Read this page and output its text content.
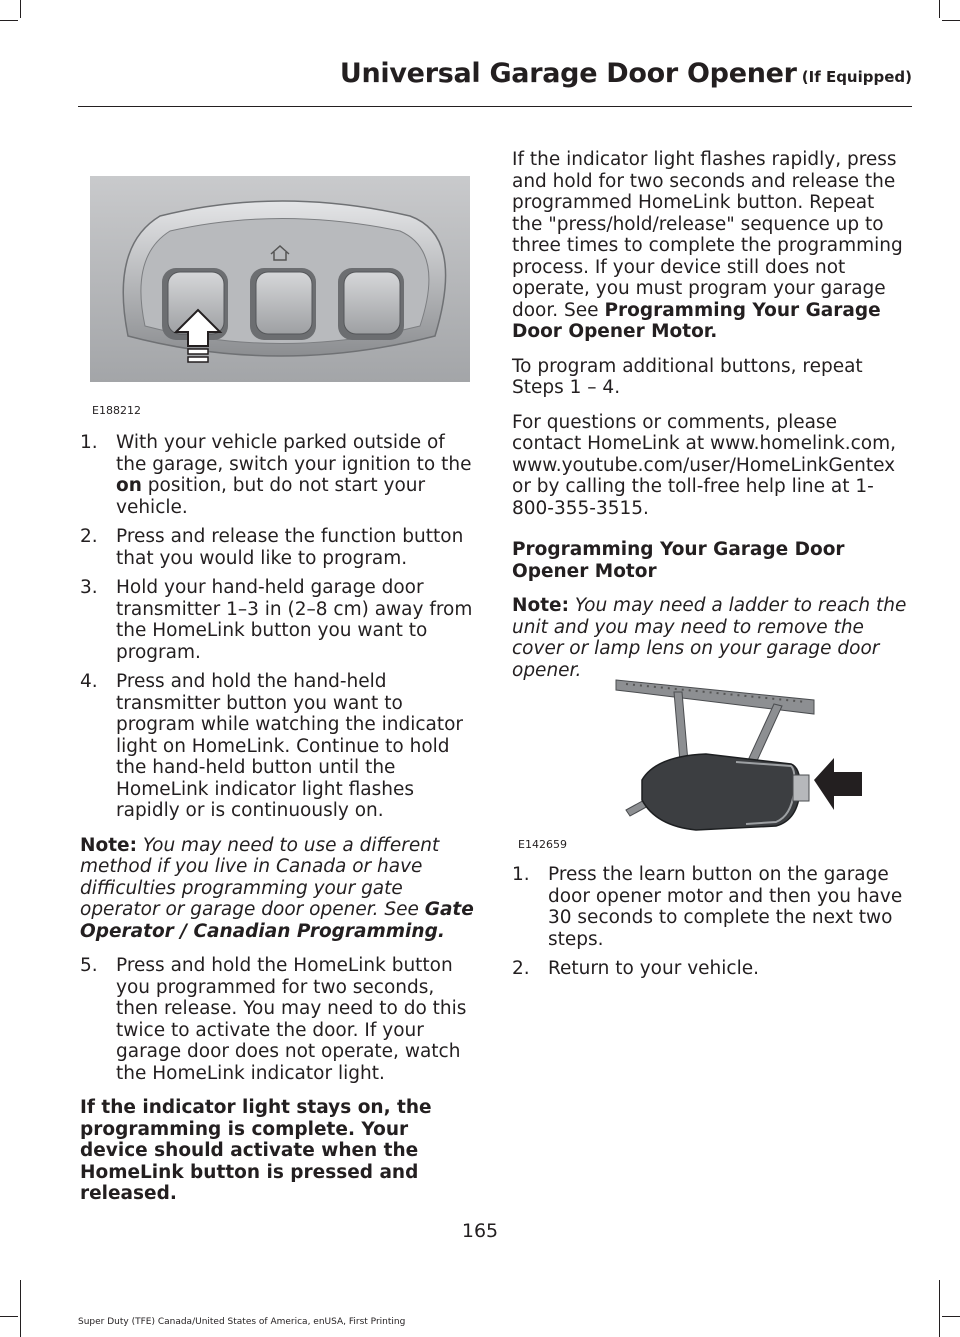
Universal Garage Door Opener (If Equipped)
E188212
1. With your vehicle parked outside of the garage, switch your ignition to the on position, but do not start your vehicle.
2. Press and release the function button that you would like to program.
3. Hold your hand-held garage door transmitter 1–3 in (2–8 cm) away from the HomeLink button you want to program.
4. Press and hold the hand-held transmitter button you want to program while watching the indicator light on HomeLink. Continue to hold the hand-held button until the HomeLink indicator light flashes rapidly or is continuously on.

Note: You may need to use a different method if you live in Canada or have difficulties programming your gate operator or garage door opener. See Gate Operator / Canadian Programming.

5. Press and hold the HomeLink button you programmed for two seconds, then release. You may need to do this twice to activate the door. If your garage door does not operate, watch the HomeLink indicator light.

If the indicator light stays on, the programming is complete. Your device should activate when the HomeLink button is pressed and released.

If the indicator light flashes rapidly, press and hold for two seconds and release the programmed HomeLink button. Repeat the "press/hold/release" sequence up to three times to complete the programming process. If your device still does not operate, you must program your garage door. See Programming Your Garage Door Opener Motor.

To program additional buttons, repeat Steps 1 – 4.

For questions or comments, please contact HomeLink at www.homelink.com, www.youtube.com/user/HomeLinkGentex or by calling the toll-free help line at 1-800-355-3515.

Programming Your Garage Door Opener Motor

Note: You may need a ladder to reach the unit and you may need to remove the cover or lamp lens on your garage door opener.

E142659
1. Press the learn button on the garage door opener motor and then you have 30 seconds to complete the next two steps.
2. Return to your vehicle.
165
Super Duty (TFE) Canada/United States of America, enUSA, First Printing
